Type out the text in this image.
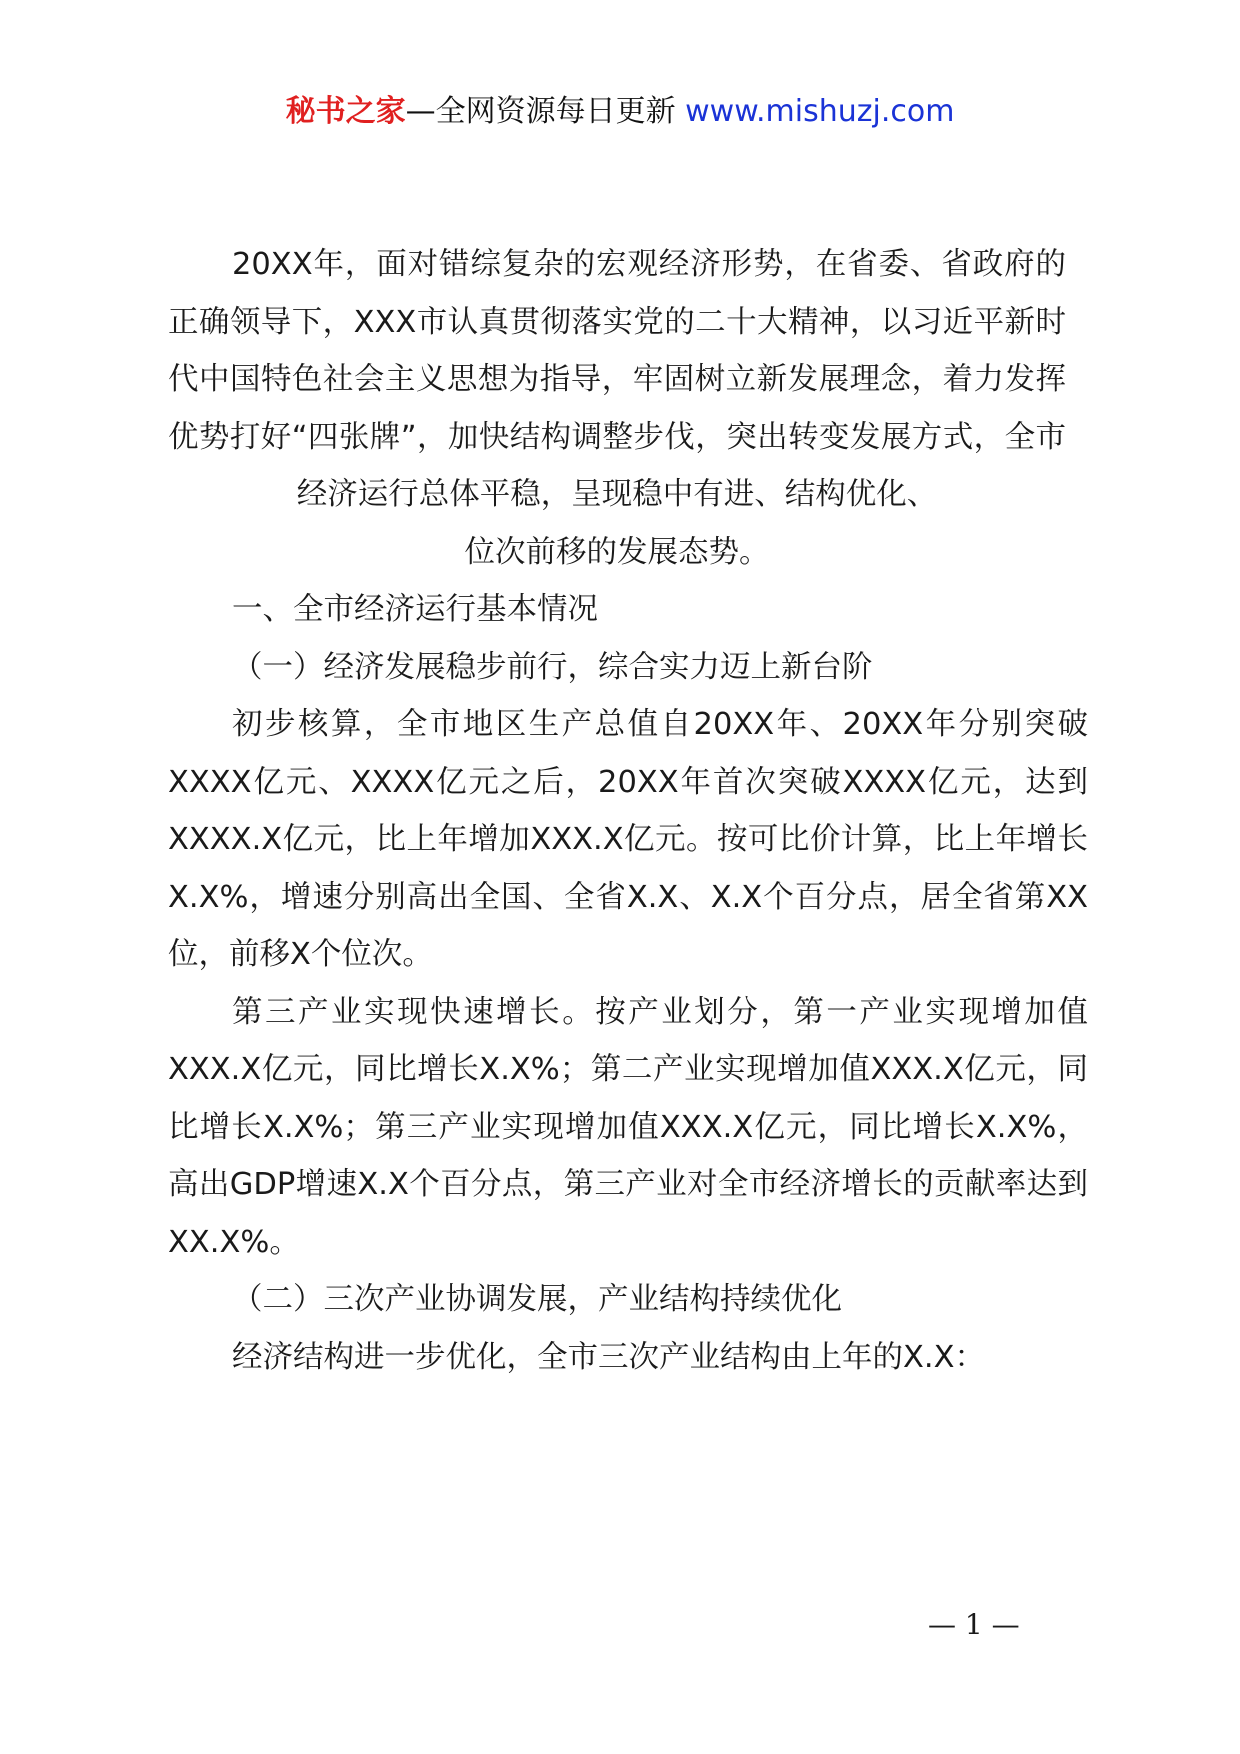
秘书之家—全网资源每日更新 www.mishuzj.com

20XX年，面对错综复杂的宏观经济形势，在省委、省政府的正确领导下，XXX市认真贯彻落实党的二十大精神，以习近平新时代中国特色社会主义思想为指导，牢固树立新发展理念，着力发挥优势打好“四张牌”，加快结构调整步伐，突出转变发展方式，全市经济运行总体平稳，呈现稳中有进、结构优化、
位次前移的发展态势。

一、全市经济运行基本情况

（一）经济发展稳步前行，综合实力迈上新台阶

初步核算，全市地区生产总值自20XX年、20XX年分别突破XXXX亿元、XXXX亿元之后，20XX年首次突破XXXX亿元，达到XXXX.X亿元，比上年增加XXX.X亿元。按可比价计算，比上年增长X.X%，增速分别高出全国、全省X.X、X.X个百分点，居全省第XX位，前移X个位次。

第三产业实现快速增长。按产业划分，第一产业实现增加值XXX.X亿元，同比增长X.X%；第二产业实现增加值XXX.X亿元，同比增长X.X%；第三产业实现增加值XXX.X亿元，同比增长X.X%，高出GDP增速X.X个百分点，第三产业对全市经济增长的贡献率达到XX.X%。

（二）三次产业协调发展，产业结构持续优化

经济结构进一步优化，全市三次产业结构由上年的X.X：

— 1 —
